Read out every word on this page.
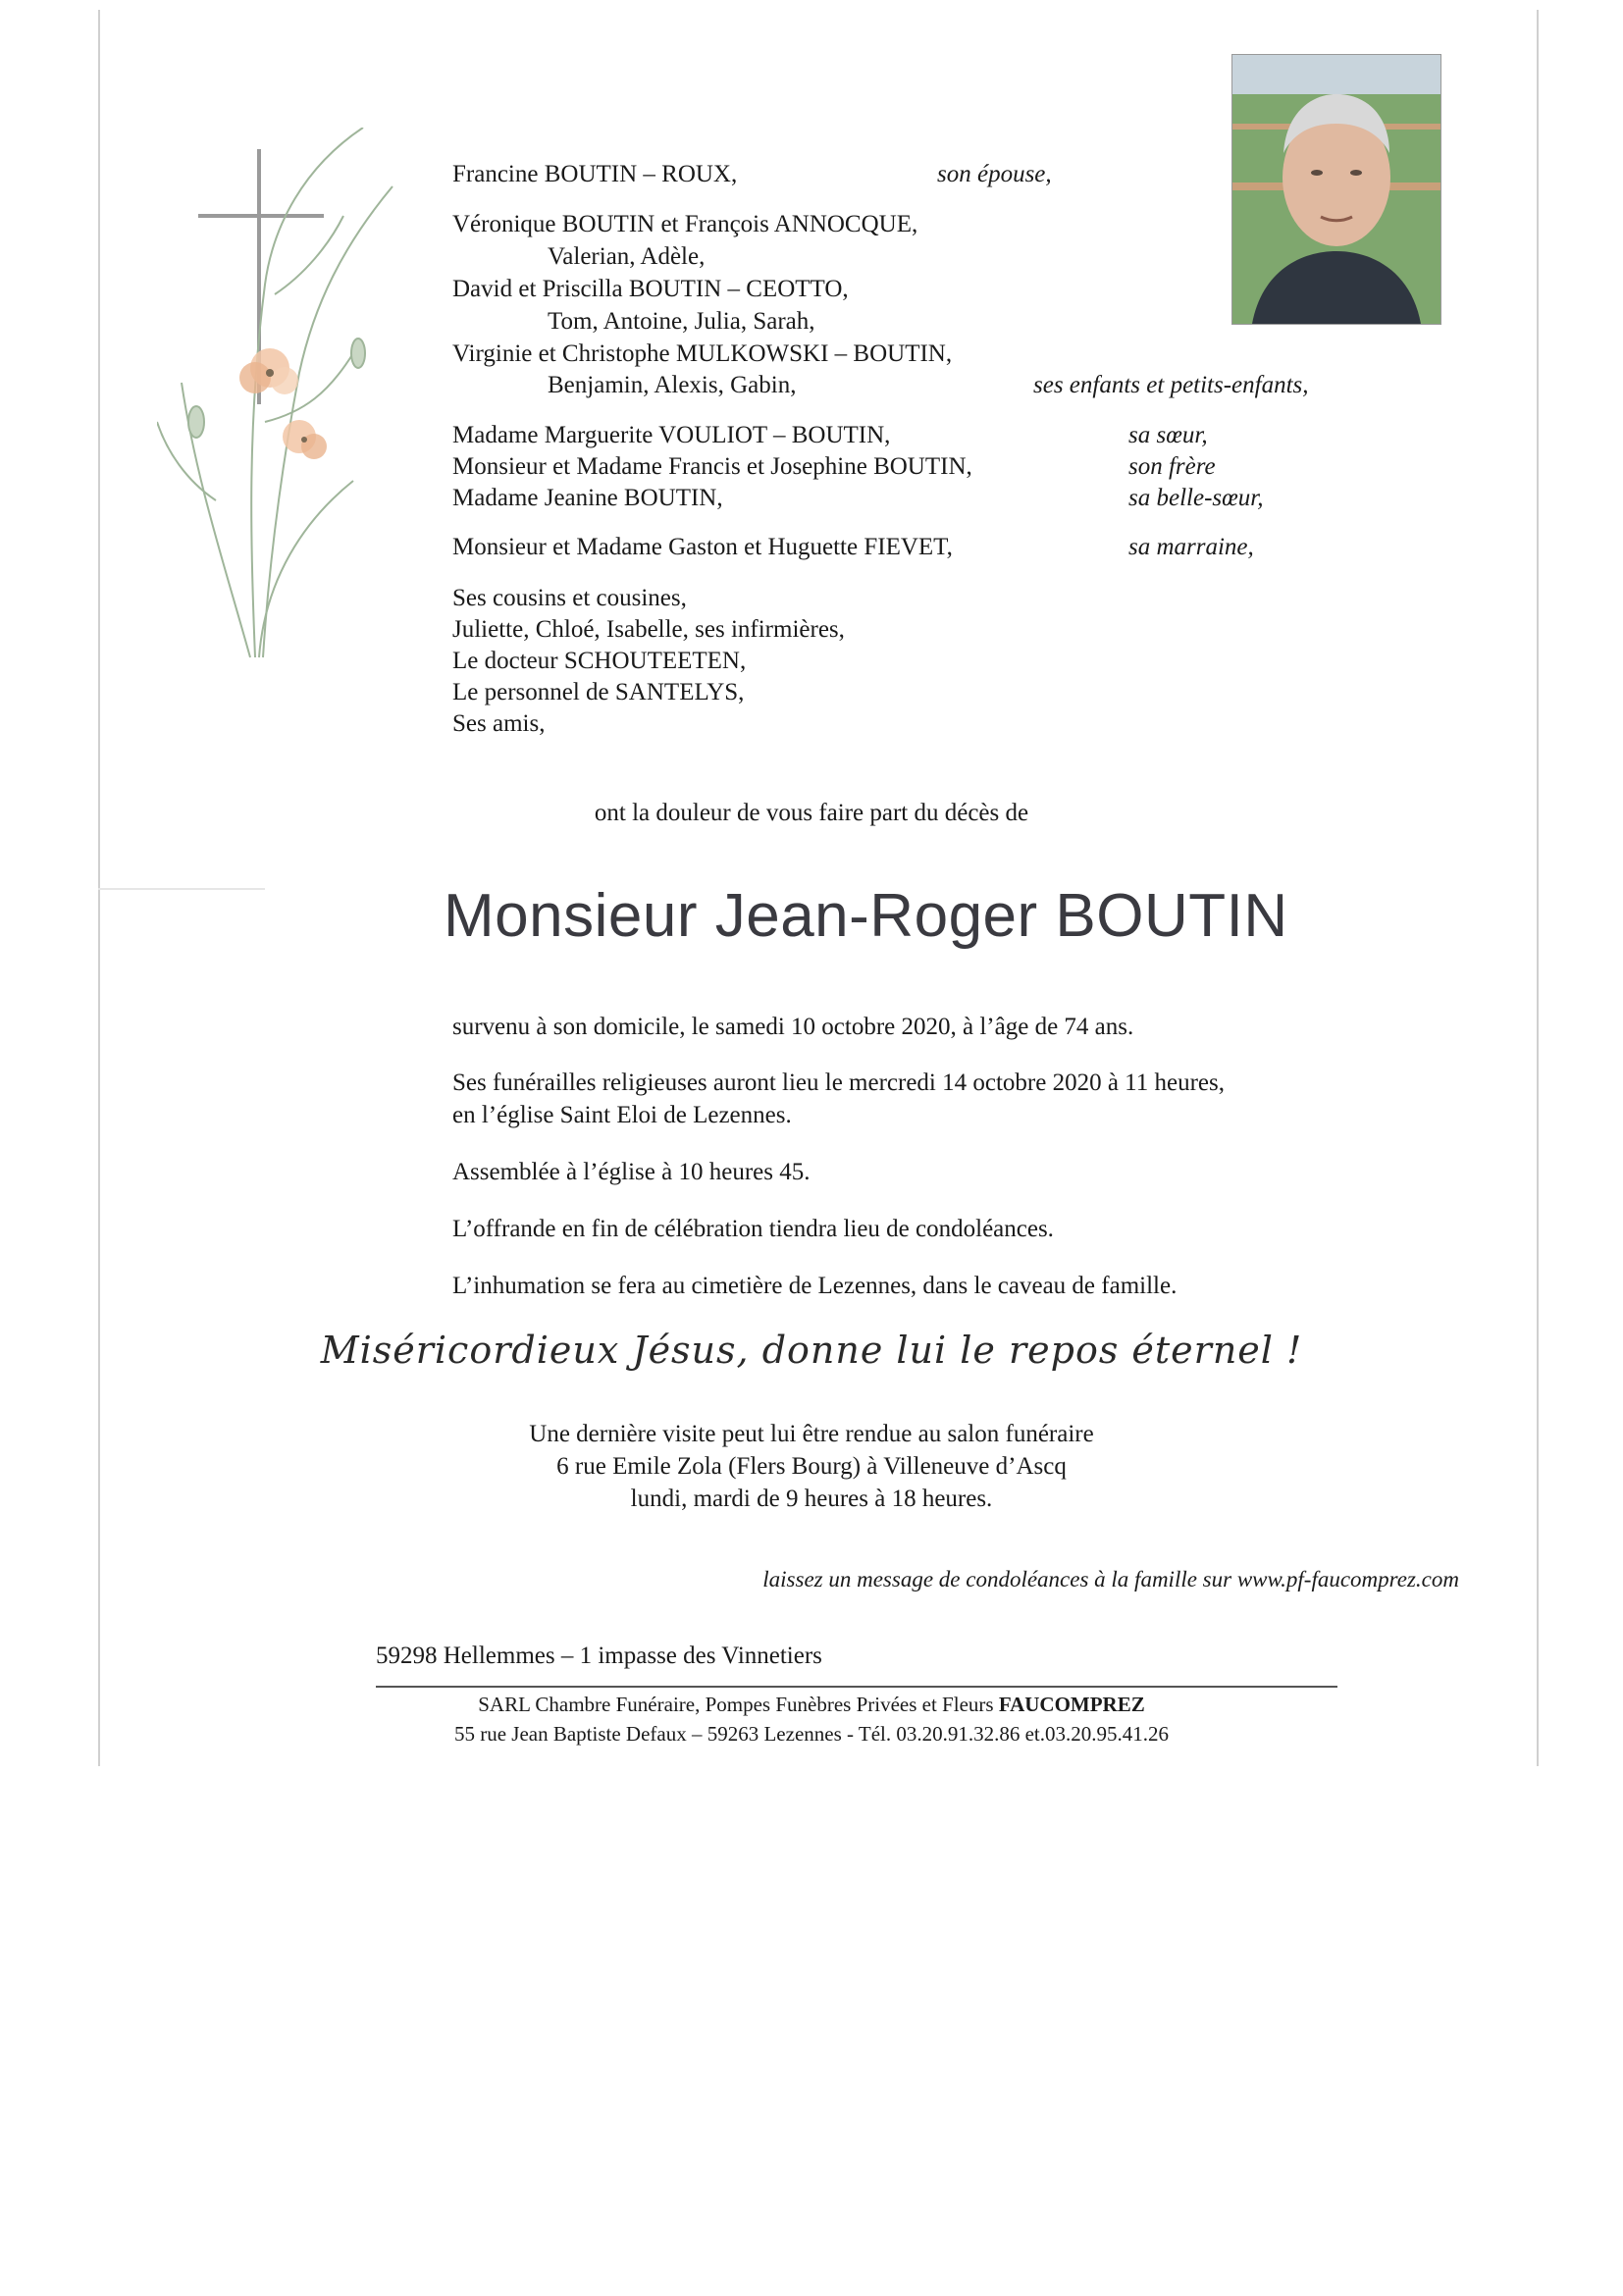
Francine BOUTIN – ROUX,	son épouse,
Véronique BOUTIN et François ANNOCQUE,
Valerian, Adèle,
David et Priscilla BOUTIN – CEOTTO,
Tom, Antoine, Julia, Sarah,
Virginie et Christophe MULKOWSKI – BOUTIN,
Benjamin, Alexis, Gabin,	ses enfants et petits-enfants,
Madame Marguerite VOULIOT – BOUTIN,	sa sœur,
Monsieur et Madame Francis et Josephine BOUTIN,	son frère
Madame Jeanine BOUTIN,	sa belle-sœur,
Monsieur et Madame Gaston et Huguette FIEVET,	sa marraine,
Ses cousins et cousines,
Juliette, Chloé, Isabelle, ses infirmières,
Le docteur SCHOUTEETEN,
Le personnel de SANTELYS,
Ses amis,
ont la douleur de vous faire part du décès de
Monsieur Jean-Roger BOUTIN
survenu à son domicile, le samedi 10 octobre 2020, à l’âge de 74 ans.
Ses funérailles religieuses auront lieu le mercredi 14 octobre 2020 à 11 heures,
en l’église Saint Eloi de Lezennes.
Assemblée à l’église à 10 heures 45.
L’offrande en fin de célébration tiendra lieu de condoléances.
L’inhumation se fera au cimetière de Lezennes, dans le caveau de famille.
Miséricordieux Jésus, donne lui le repos éternel !
Une dernière visite peut lui être rendue au salon funéraire
6 rue Emile Zola (Flers Bourg) à Villeneuve d’Ascq
lundi, mardi de 9 heures à 18 heures.
laissez un message de condoléances à la famille sur www.pf-faucomprez.com
59298 Hellemmes – 1 impasse des Vinnetiers
SARL Chambre Funéraire, Pompes Funèbres Privées et Fleurs FAUCOMPREZ
55 rue Jean Baptiste Defaux – 59263 Lezennes - Tél. 03.20.91.32.86 et.03.20.95.41.26
